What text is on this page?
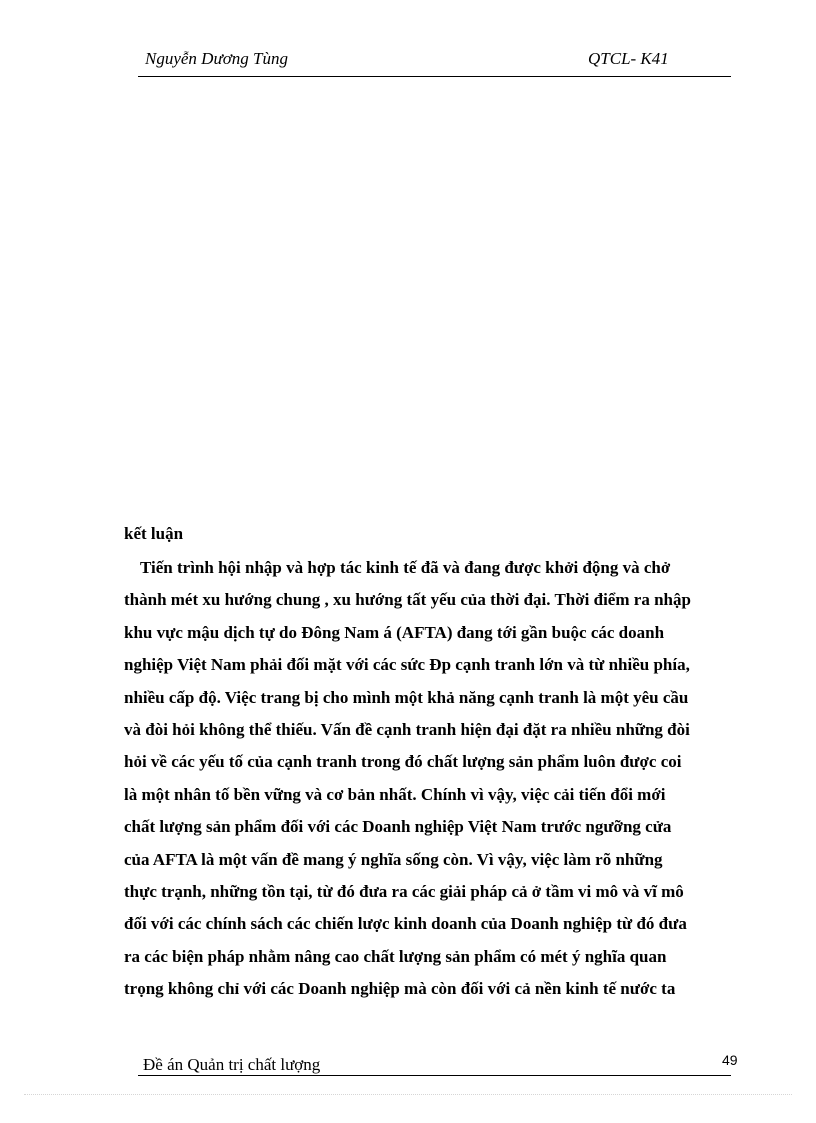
Nguyễn Dương Tùng	QTCL- K41
kết luận
Tiến trình hội nhập và hợp tác kinh tế đã và đang được khởi động và chở
thành mét xu hướng chung , xu hướng tất yếu của thời đại. Thời điểm ra nhập
khu vực mậu dịch tự do Đông Nam á (AFTA) đang tới gần buộc các doanh
nghiệp Việt Nam phải đối mặt với các sức Đp cạnh tranh lớn và từ nhiều phía,
nhiều cấp độ. Việc trang bị cho mình một khả năng cạnh tranh là một yêu cầu
và đòi hỏi không thể thiếu. Vấn đề cạnh tranh hiện đại đặt ra nhiều những đòi
hỏi về các yếu tố của cạnh tranh trong đó chất lượng sản phẩm luôn được coi
là một nhân tố bền vững và cơ bản nhất. Chính vì vậy, việc cải tiến đổi mới
chất lượng sản phẩm đối với các Doanh nghiệp Việt Nam trước ngưỡng cửa
của AFTA là một vấn đề mang ý nghĩa sống còn. Vì vậy, việc làm rõ những
thực trạnh, những tồn tại, từ đó đưa ra các giải pháp cả ở tầm vi mô và vĩ mô
đối với các chính sách các chiến lược kinh doanh của Doanh nghiệp từ đó đưa
ra các biện pháp nhằm nâng cao chất lượng sản phẩm có mét ý nghĩa quan
trọng không chỉ với các Doanh nghiệp mà còn đối với cả nền kinh tế nước ta
Đề án Quản trị chất lượng	49
